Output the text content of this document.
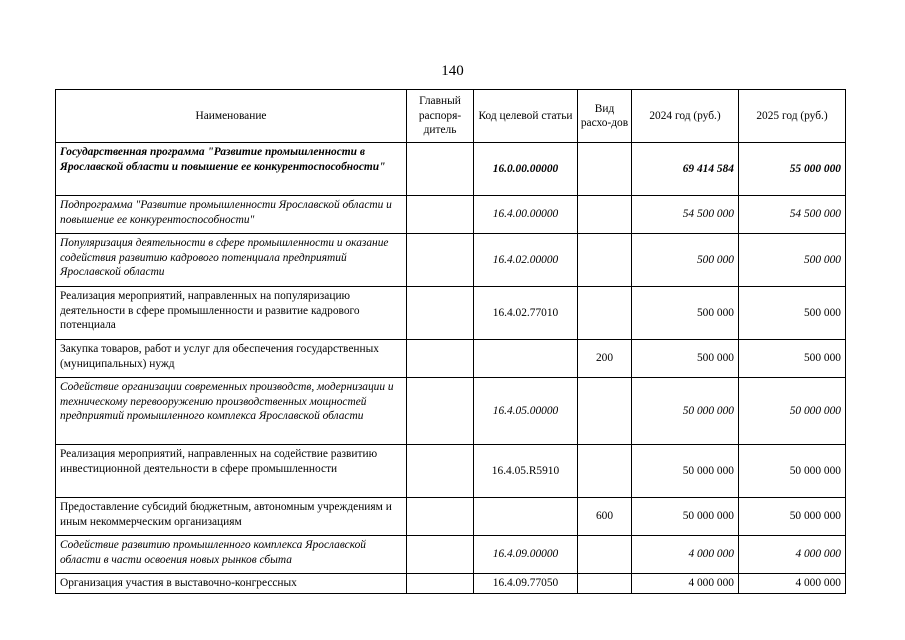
140
Наименование	Главный распоря-дитель	Код целевой статьи	Вид расхо-дов	2024 год (руб.)	2025 год (руб.)
Государственная программа "Развитие промышленности в Ярославской области и повышение ее конкурентоспособности"		16.0.00.00000		69 414 584	55 000 000
Подпрограмма "Развитие промышленности Ярославской области и повышение ее конкурентоспособности"		16.4.00.00000		54 500 000	54 500 000
Популяризация деятельности в сфере промышленности и оказание содействия развитию кадрового потенциала предприятий Ярославской области		16.4.02.00000		500 000	500 000
Реализация мероприятий, направленных на популяризацию деятельности в сфере промышленности и развитие кадрового потенциала		16.4.02.77010		500 000	500 000
Закупка товаров, работ и услуг для обеспечения государственных (муниципальных) нужд			200	500 000	500 000
Содействие организации современных производств, модернизации и техническому перевооружению производственных мощностей предприятий промышленного комплекса Ярославской области		16.4.05.00000		50 000 000	50 000 000
Реализация мероприятий, направленных на содействие развитию инвестиционной деятельности в сфере промышленности		16.4.05.R5910		50 000 000	50 000 000
Предоставление субсидий бюджетным, автономным учреждениям и иным некоммерческим организациям			600	50 000 000	50 000 000
Содействие развитию промышленного комплекса Ярославской области в части освоения новых рынков сбыта		16.4.09.00000		4 000 000	4 000 000
Организация участия в выставочно-конгрессных		16.4.09.77050		4 000 000	4 000 000
